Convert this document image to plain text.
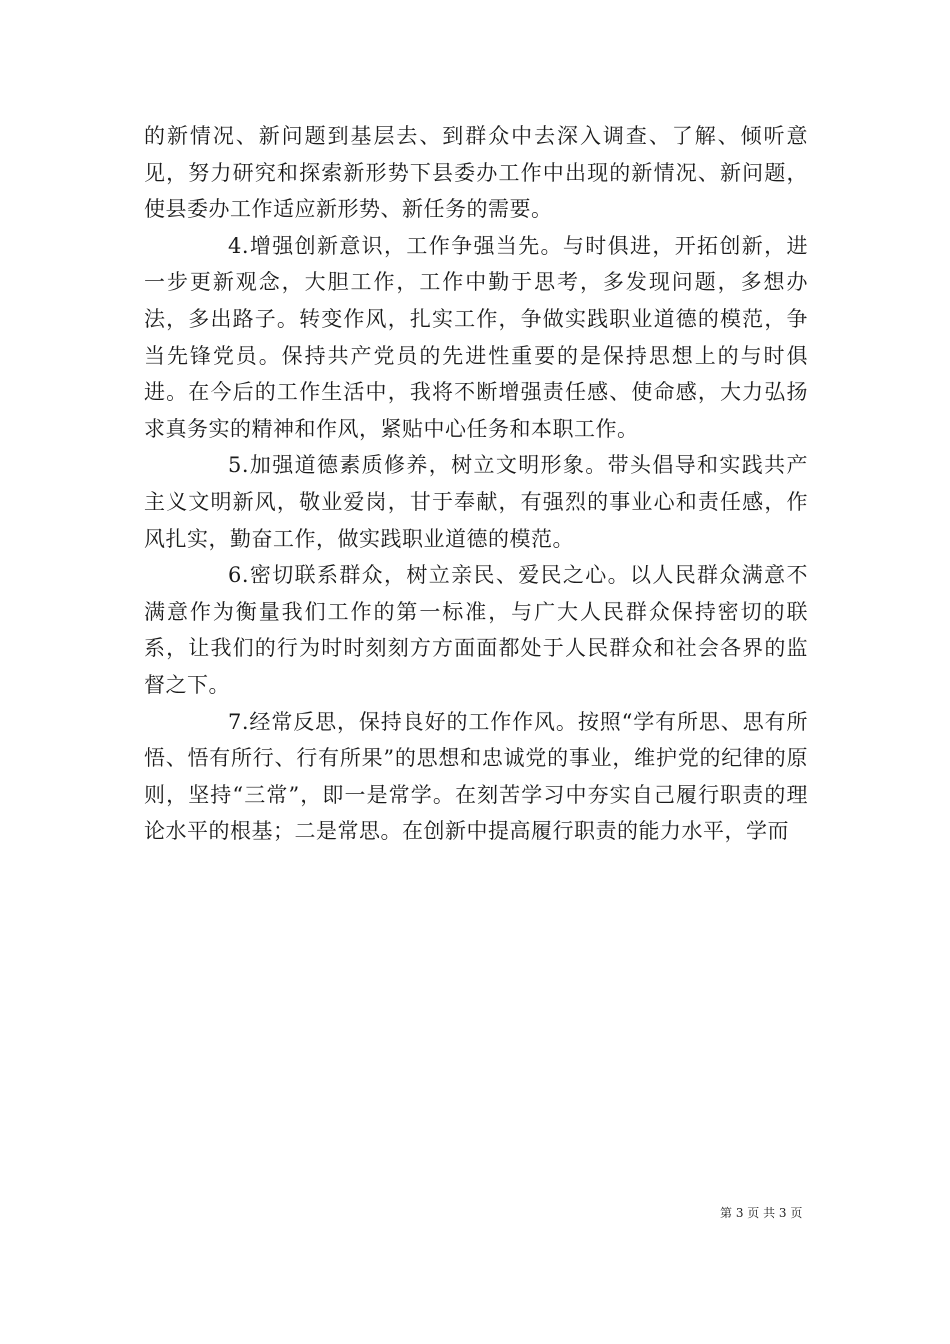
的新情况、新问题到基层去、到群众中去深入调查、了解、倾听意见，努力研究和探索新形势下县委办工作中出现的新情况、新问题，使县委办工作适应新形势、新任务的需要。

4.增强创新意识，工作争强当先。与时俱进，开拓创新，进一步更新观念，大胆工作，工作中勤于思考，多发现问题，多想办法，多出路子。转变作风，扎实工作，争做实践职业道德的模范，争当先锋党员。保持共产党员的先进性重要的是保持思想上的与时俱进。在今后的工作生活中，我将不断增强责任感、使命感，大力弘扬求真务实的精神和作风，紧贴中心任务和本职工作。

5.加强道德素质修养，树立文明形象。带头倡导和实践共产主义文明新风，敬业爱岗，甘于奉献，有强烈的事业心和责任感，作风扎实，勤奋工作，做实践职业道德的模范。

6.密切联系群众，树立亲民、爱民之心。以人民群众满意不满意作为衡量我们工作的第一标准，与广大人民群众保持密切的联系，让我们的行为时时刻刻方方面面都处于人民群众和社会各界的监督之下。

7.经常反思，保持良好的工作作风。按照“学有所思、思有所悟、悟有所行、行有所果”的思想和忠诚党的事业，维护党的纪律的原则，坚持“三常”，即一是常学。在刻苦学习中夯实自己履行职责的理论水平的根基；二是常思。在创新中提高履行职责的能力水平，学而

第 3 页 共 3 页
